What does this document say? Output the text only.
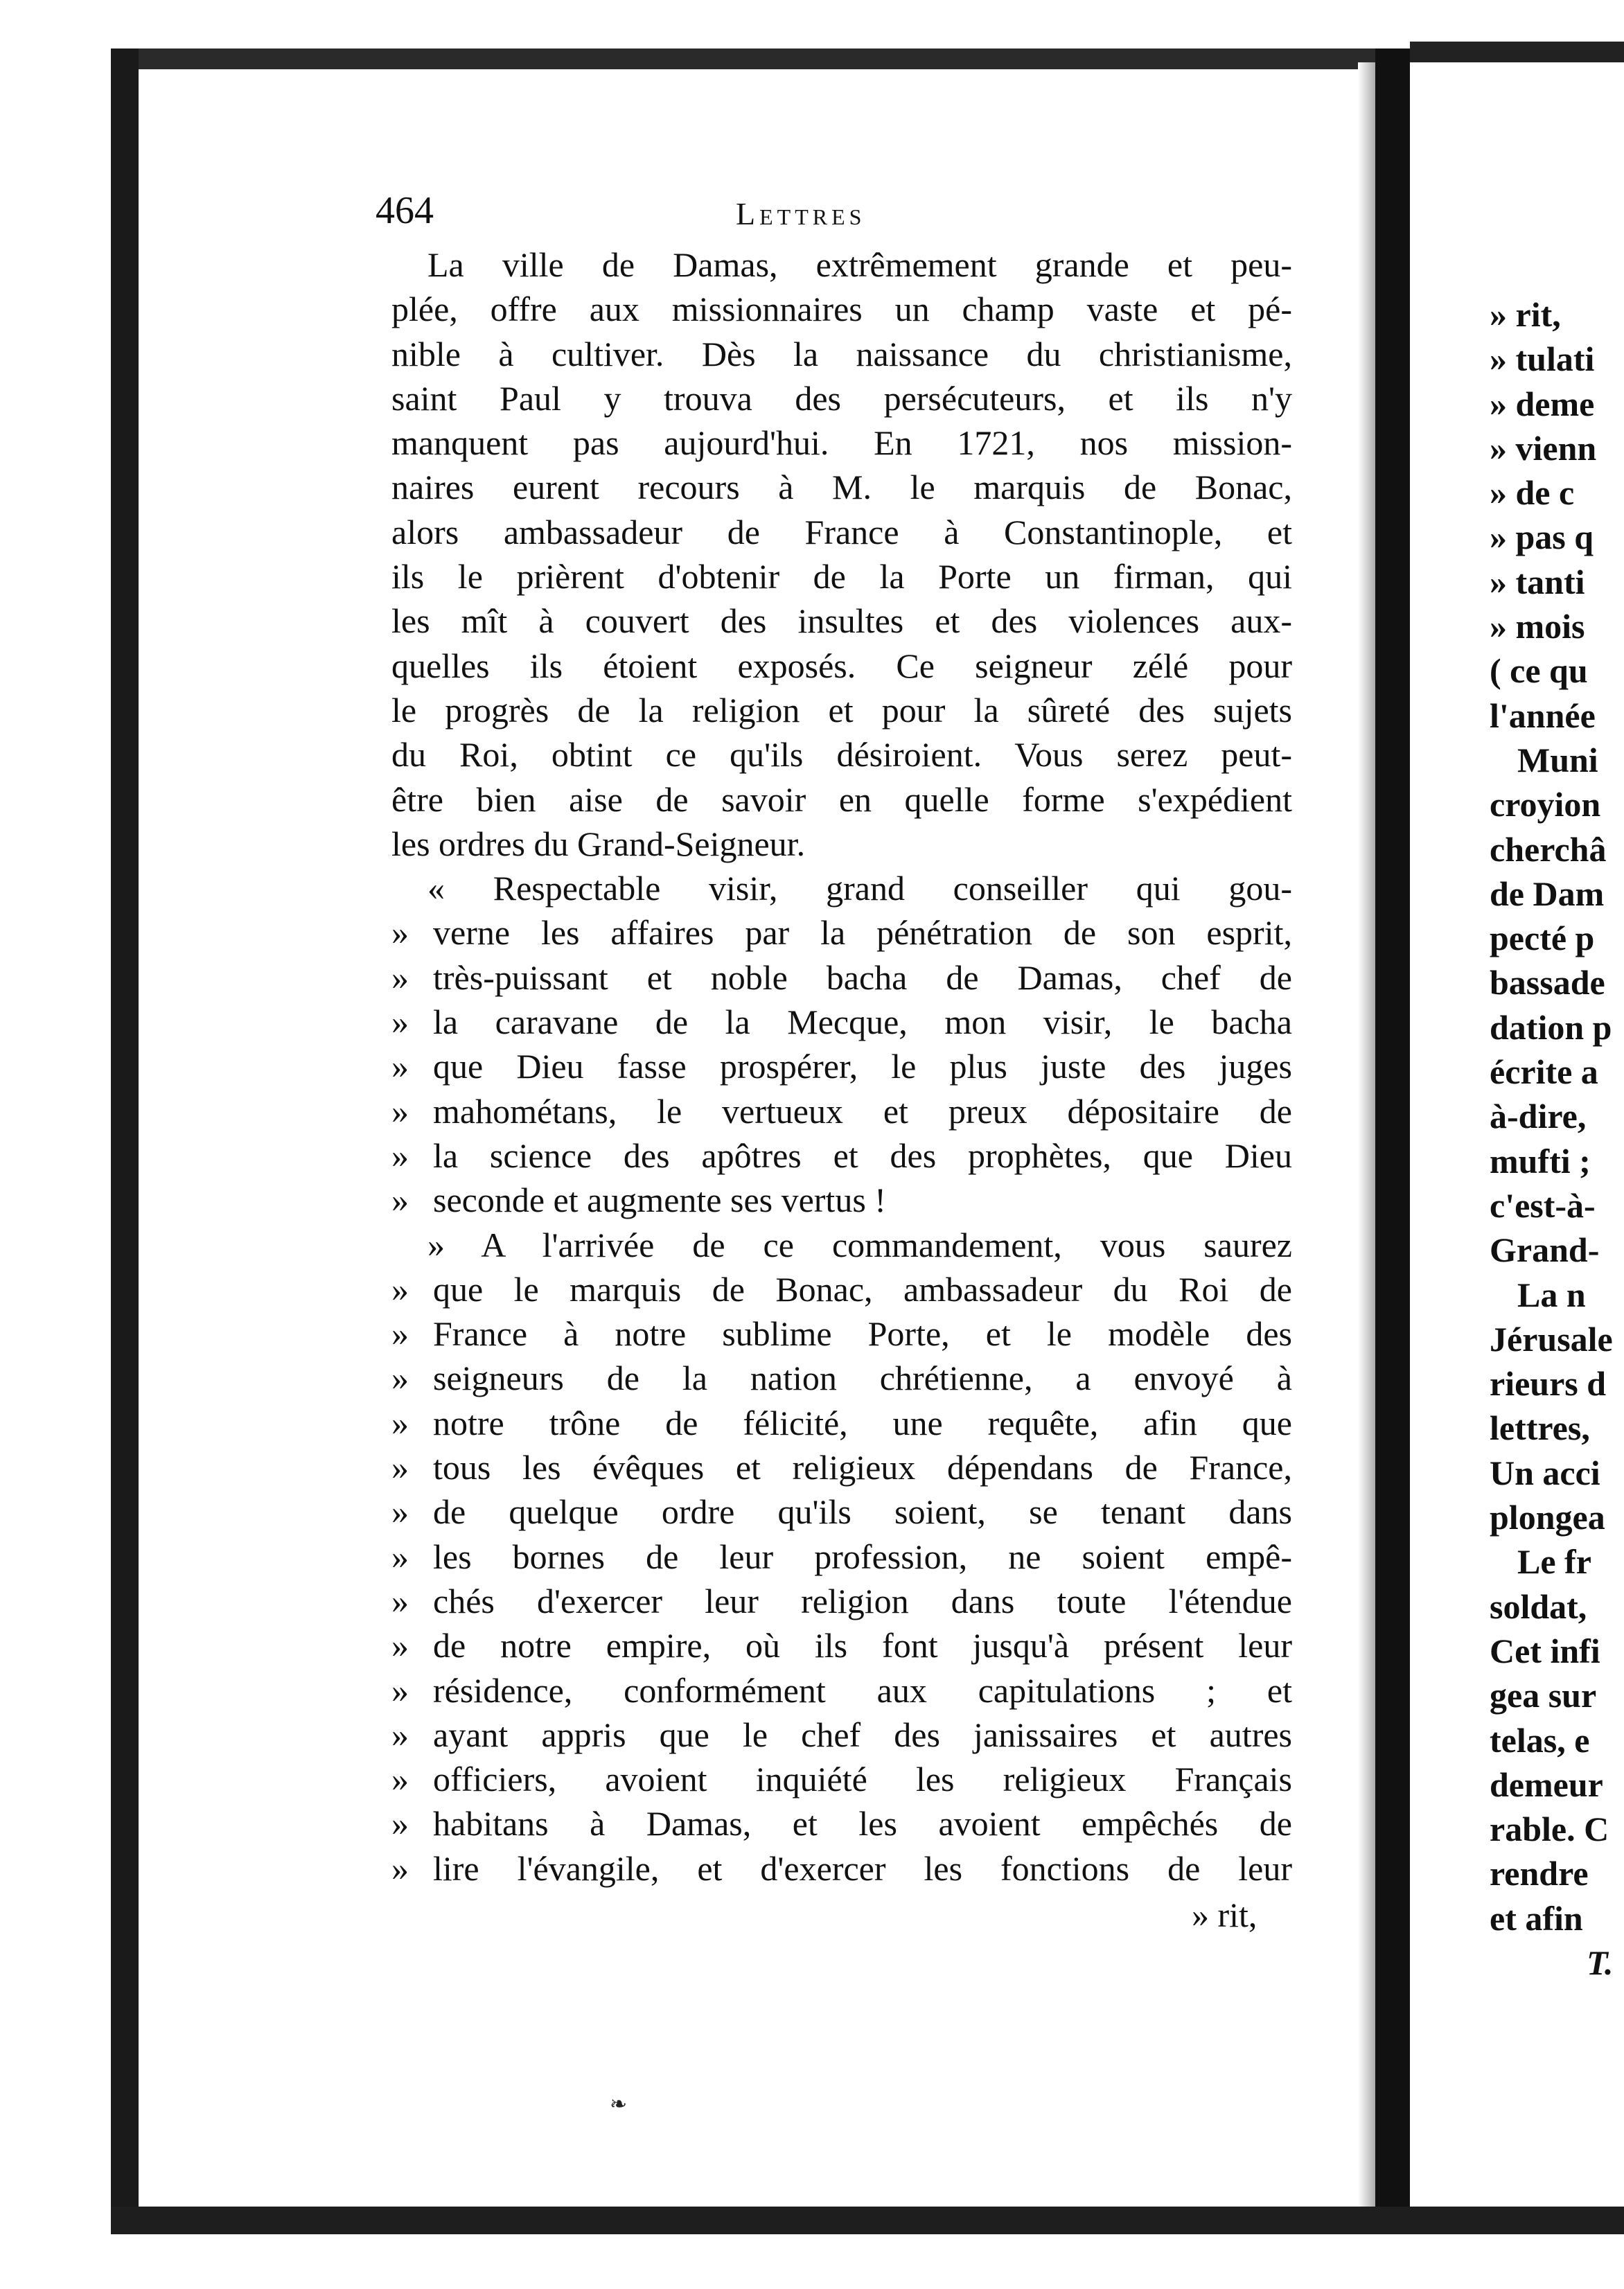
» rit,
» tulati
» deme
» vienn
» de c
» pas q
» tanti
» mois
( ce qu
l'année
Muni
croyion
cherchâ
de Dam
pecté p
bassade
dation p
écrite a
à-dire,
mufti ;
c'est-à-
Grand-
La n
Jérusale
rieurs d
lettres,
Un acci
plongea
Le fr
soldat,
Cet infi
gea sur
telas, e
demeur
rable. C
rendre
et afin
T.
464	Lettres
La ville de Damas, extrêmement grande et peu-
plée, offre aux missionnaires un champ vaste et pé-
nible à cultiver. Dès la naissance du christianisme,
saint Paul y trouva des persécuteurs, et ils n'y
manquent pas aujourd'hui. En 1721, nos mission-
naires eurent recours à M. le marquis de Bonac,
alors ambassadeur de France à Constantinople, et
ils le prièrent d'obtenir de la Porte un firman, qui
les mît à couvert des insultes et des violences aux-
quelles ils étoient exposés. Ce seigneur zélé pour
le progrès de la religion et pour la sûreté des sujets
du Roi, obtint ce qu'ils désiroient. Vous serez peut-
être bien aise de savoir en quelle forme s'expédient
les ordres du Grand-Seigneur.
« Respectable visir, grand conseiller qui gou-
» verne les affaires par la pénétration de son esprit,
» très-puissant et noble bacha de Damas, chef de
» la caravane de la Mecque, mon visir, le bacha
» que Dieu fasse prospérer, le plus juste des juges
» mahométans, le vertueux et preux dépositaire de
» la science des apôtres et des prophètes, que Dieu
» seconde et augmente ses vertus !
» A l'arrivée de ce commandement, vous saurez
» que le marquis de Bonac, ambassadeur du Roi de
» France à notre sublime Porte, et le modèle des
» seigneurs de la nation chrétienne, a envoyé à
» notre trône de félicité, une requête, afin que
» tous les évêques et religieux dépendans de France,
» de quelque ordre qu'ils soient, se tenant dans
» les bornes de leur profession, ne soient empê-
» chés d'exercer leur religion dans toute l'étendue
» de notre empire, où ils font jusqu'à présent leur
» résidence, conformément aux capitulations ; et
» ayant appris que le chef des janissaires et autres
» officiers, avoient inquiété les religieux Français
» habitans à Damas, et les avoient empêchés de
» lire l'évangile, et d'exercer les fonctions de leur
» rit,
❧
